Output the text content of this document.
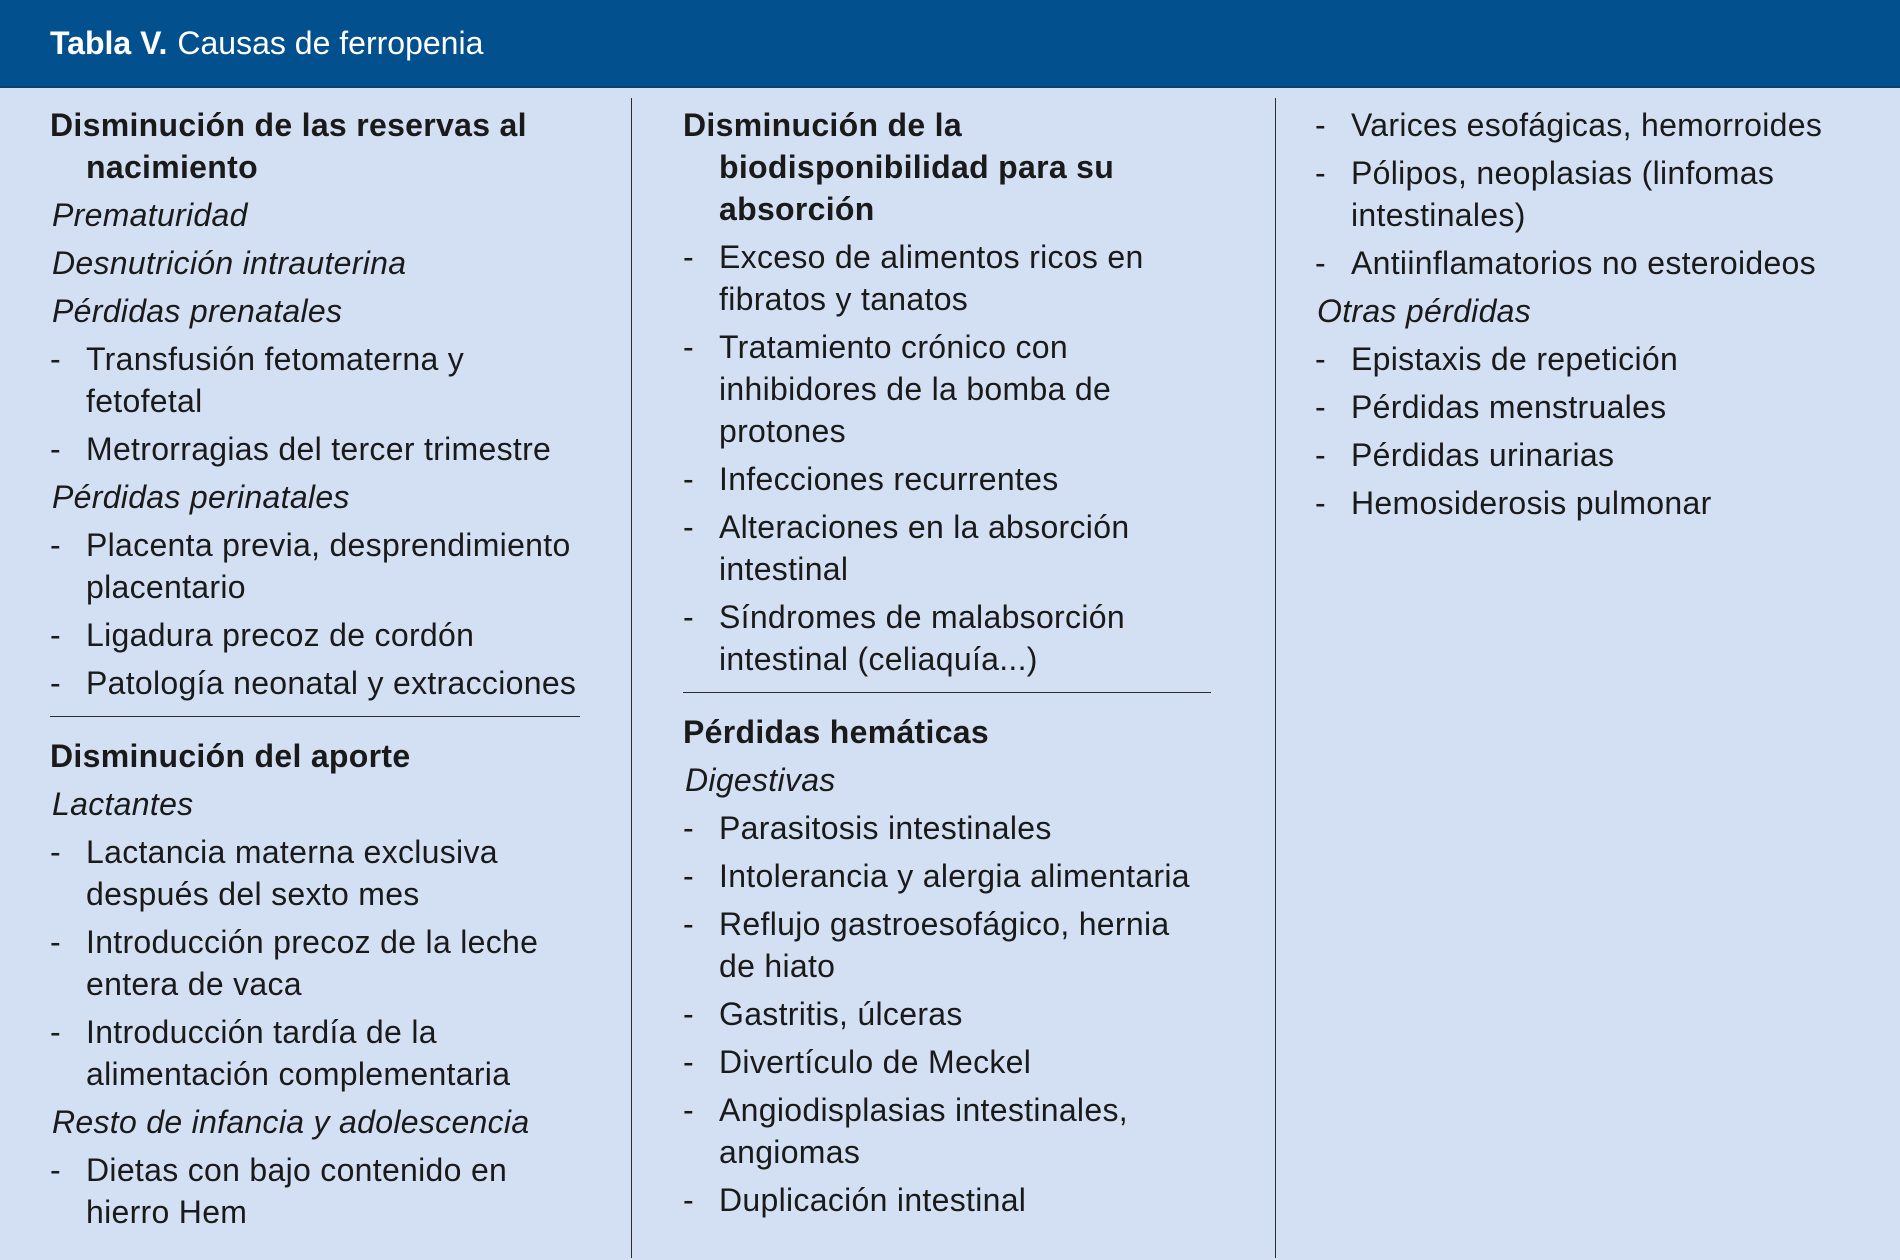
Tabla V. Causas de ferropenia
Disminución de las reservas al nacimiento
Prematuridad
Desnutrición intrauterina
Pérdidas prenatales
- Transfusión fetomaterna y fetofetal
- Metrorragias del tercer trimestre
Pérdidas perinatales
- Placenta previa, desprendimiento placentario
- Ligadura precoz de cordón
- Patología neonatal y extracciones
Disminución del aporte
Lactantes
- Lactancia materna exclusiva después del sexto mes
- Introducción precoz de la leche entera de vaca
- Introducción tardía de la alimentación complementaria
Resto de infancia y adolescencia
- Dietas con bajo contenido en hierro Hem
Disminución de la biodisponibilidad para su absorción
- Exceso de alimentos ricos en fibratos y tanatos
- Tratamiento crónico con inhibidores de la bomba de protones
- Infecciones recurrentes
- Alteraciones en la absorción intestinal
- Síndromes de malabsorción intestinal (celiaquía...)
Pérdidas hemáticas
Digestivas
- Parasitosis intestinales
- Intolerancia y alergia alimentaria
- Reflujo gastroesofágico, hernia de hiato
- Gastritis, úlceras
- Divertículo de Meckel
- Angiodisplasias intestinales, angiomas
- Duplicación intestinal
- Varices esofágicas, hemorroides
- Pólipos, neoplasias (linfomas intestinales)
- Antiinflamatorios no esteroideos
Otras pérdidas
- Epistaxis de repetición
- Pérdidas menstruales
- Pérdidas urinarias
- Hemosiderosis pulmonar
